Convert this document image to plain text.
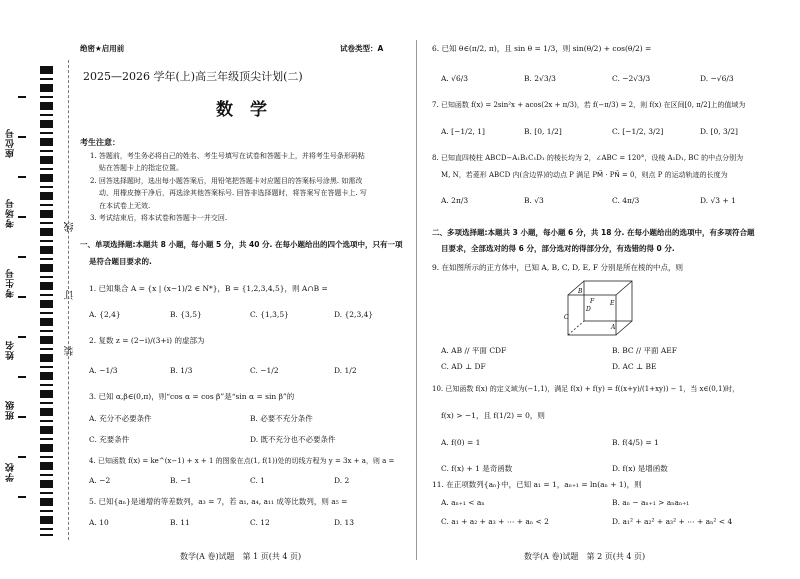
座位号
考场号
考生号
姓名
班级
学校
线
订
装
绝密★启用前	试卷类型：A
2025—2026 学年(上)高三年级顶尖计划(二)
数　学
考生注意：
1. 答题前，考生务必将自己的姓名、考生号填写在试卷和答题卡上，并将考生号条形码粘
贴在答题卡上的指定位置。
2. 回答选择题时，选出每小题答案后，用铅笔把答题卡对应题目的答案标号涂黑. 如需改
动，用橡皮擦干净后，再选涂其他答案标号. 回答非选择题时，将答案写在答题卡上. 写
在本试卷上无效.
3. 考试结束后，将本试卷和答题卡一并交回.
一、单项选择题:本题共 8 小题，每小题 5 分，共 40 分. 在每小题给出的四个选项中，只有一项
是符合题目要求的.
1. 已知集合 A = {x | (x−1)/2 ∈ N*}，B = {1,2,3,4,5}，则 A∩B =
A. {2,4}	B. {3,5}	C. {1,3,5}	D. {2,3,4}
2. 复数 z = (2−i)/(3+i) 的虚部为
A. −1/3	B. 1/3	C. −1/2	D. 1/2
3. 已知 α,β∈(0,π)，则“cos α = cos β”是“sin α = sin β”的
A. 充分不必要条件	B. 必要不充分条件
C. 充要条件	D. 既不充分也不必要条件
4. 已知函数 f(x) = ke^(x−1) + x + 1 的图象在点(1, f(1))处的切线方程为 y = 3x + a，则 a =
A. −2	B. −1	C. 1	D. 2
5. 已知{aₙ}是递增的等差数列，a₃ = 7，若 a₁, a₄, a₁₁ 成等比数列，则 a₅ =
A. 10	B. 11	C. 12	D. 13
数学(A 卷)试题　第 1 页(共 4 页)
6. 已知 θ∈(π/2, π)，且 sin θ = 1/3，则 sin(θ/2) + cos(θ/2) =
A. √6/3	B. 2√3/3	C. −2√3/3	D. −√6/3
7. 已知函数 f(x) = 2sin²x + acos(2x + π/3)，若 f(−π/3) = 2，则 f(x) 在区间[0, π/2]上的值域为
A. [−1/2, 1]	B. [0, 1/2]	C. [−1/2, 3/2]	D. [0, 3/2]
8. 已知直四棱柱 ABCD−A₁B₁C₁D₁ 的棱长均为 2，∠ABC = 120°，设棱 A₁D₁, BC 的中点分别为
M, N，若菱形 ABCD 内(含边界)的动点 P 满足 PM⃗ · PN⃗ = 0，则点 P 的运动轨迹的长度为
A. 2π/3	B. √3	C. 4π/3	D. √3 + 1
二、多项选择题:本题共 3 小题，每小题 6 分，共 18 分. 在每小题给出的选项中，有多项符合题
目要求，全部选对的得 6 分，部分选对的得部分分，有选错的得 0 分.
9. 在如图所示的正方体中，已知 A, B, C, D, E, F 分别是所在棱的中点，则
B
E
D
F
C
A
A. AB // 平面 CDF	B. BC // 平面 AEF
C. AD ⊥ DF	D. AC ⊥ BE
10. 已知函数 f(x) 的定义域为(−1,1)，满足 f(x) + f(y) = f((x+y)/(1+xy)) − 1，当 x∈(0,1)时，
f(x) > −1，且 f(1/2) = 0，则
A. f(0) = 1	B. f(4/5) = 1
C. f(x) + 1 是奇函数	D. f(x) 是增函数
11. 在正项数列{aₙ}中，已知 a₁ = 1，aₙ₊₁ = ln(aₙ + 1)，则
A. aₙ₊₁ < aₙ	B. aₙ − aₙ₊₁ > aₙaₙ₊₁
C. a₁ + a₂ + a₃ + ⋯ + aₙ < 2	D. a₁² + a₂² + a₃² + ⋯ + aₙ² < 4
数学(A 卷)试题　第 2 页(共 4 页)
